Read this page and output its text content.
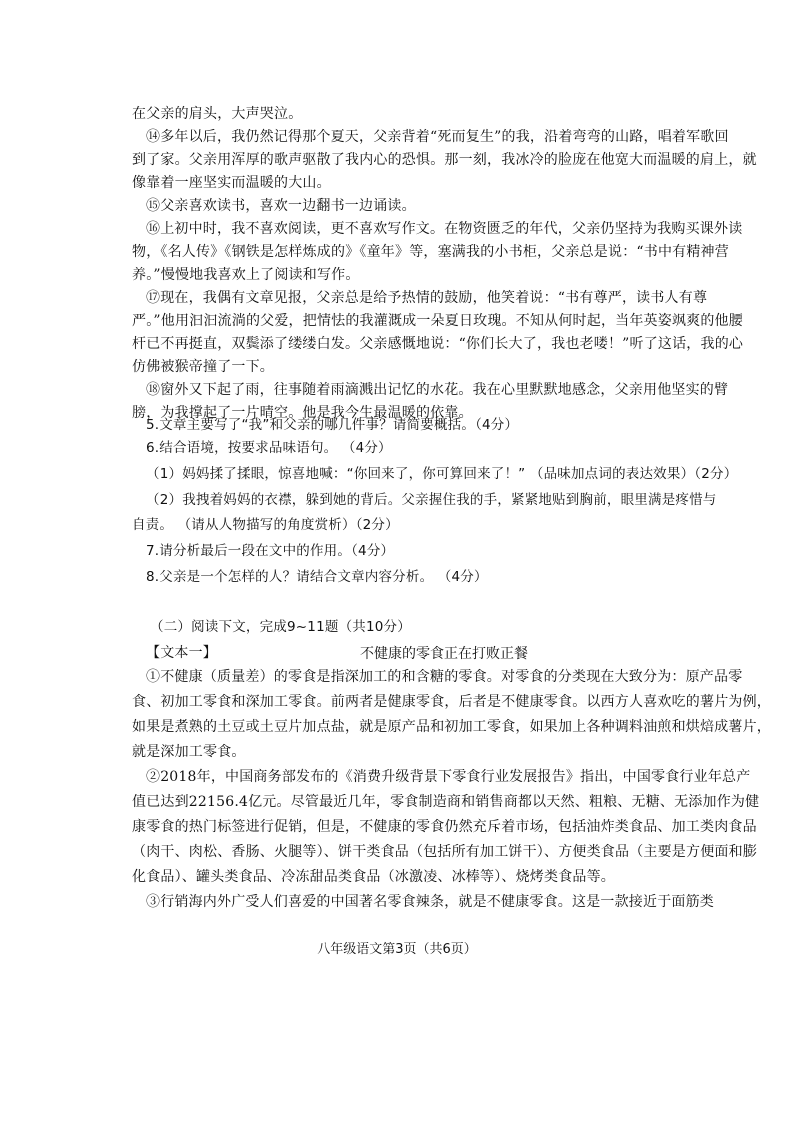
在父亲的肩头，大声哭泣。
⑭多年以后，我仍然记得那个夏天，父亲背着“死而复生”的我，沿着弯弯的山路，唱着军歌回
到了家。父亲用浑厚的歌声驱散了我内心的恐惧。那一刻，我冰冷的脸庞在他宽大而温暖的肩上，就
像靠着一座坚实而温暖的大山。
⑮父亲喜欢读书，喜欢一边翻书一边诵读。
⑯上初中时，我不喜欢阅读，更不喜欢写作文。在物资匮乏的年代，父亲仍坚持为我购买课外读
物，《名人传》《钢铁是怎样炼成的》《童年》等，塞满我的小书柜，父亲总是说：“书中有精神营
养。”慢慢地我喜欢上了阅读和写作。
⑰现在，我偶有文章见报，父亲总是给予热情的鼓励，他笑着说：“书有尊严，读书人有尊
严。”他用汩汩流淌的父爱，把情怯的我灌溉成一朵夏日玫瑰。不知从何时起，当年英姿飒爽的他腰
杆已不再挺直，双鬓添了缕缕白发。父亲感慨地说：“你们长大了，我也老喽！”听了这话，我的心
仿佛被猴帝撞了一下。
⑱窗外又下起了雨，往事随着雨滴溅出记忆的水花。我在心里默默地感念，父亲用他坚实的臂
膀，为我撑起了一片晴空。他是我今生最温暖的依靠。
5.文章主要写了“我”和父亲的哪几件事？请简要概括。（4分）
6.结合语境，按要求品味语句。 （4分）
（1）妈妈揉了揉眼，惊喜地喊：“你回来了，你可算回来了！” （品味加点词的表达效果）（2分）
（2）我拽着妈妈的衣襟，躲到她的背后。父亲握住我的手，紧紧地贴到胸前，眼里满是疼惜与
自责。 （请从人物描写的角度赏析）（2分）
7.请分析最后一段在文中的作用。（4分）
8.父亲是一个怎样的人？请结合文章内容分析。 （4分）
（二）阅读下文，完成9~11题（共10分）
【文本一】	不健康的零食正在打败正餐
①不健康（质量差）的零食是指深加工的和含糖的零食。对零食的分类现在大致分为：原产品零
食、初加工零食和深加工零食。前两者是健康零食，后者是不健康零食。以西方人喜欢吃的薯片为例，
如果是煮熟的土豆或土豆片加点盐，就是原产品和初加工零食，如果加上各种调料油煎和烘焙成薯片，
就是深加工零食。
②2018年，中国商务部发布的《消费升级背景下零食行业发展报告》指出，中国零食行业年总产
值已达到22156.4亿元。尽管最近几年，零食制造商和销售商都以天然、粗粮、无糖、无添加作为健
康零食的热门标签进行促销，但是，不健康的零食仍然充斥着市场，包括油炸类食品、加工类肉食品
（肉干、肉松、香肠、火腿等）、饼干类食品（包括所有加工饼干）、方便类食品（主要是方便面和膨
化食品）、罐头类食品、冷冻甜品类食品（冰激凌、冰棒等）、烧烤类食品等。
③行销海内外广受人们喜爱的中国著名零食辣条，就是不健康零食。这是一款接近于面筋类
八年级语文第3页（共6页）
